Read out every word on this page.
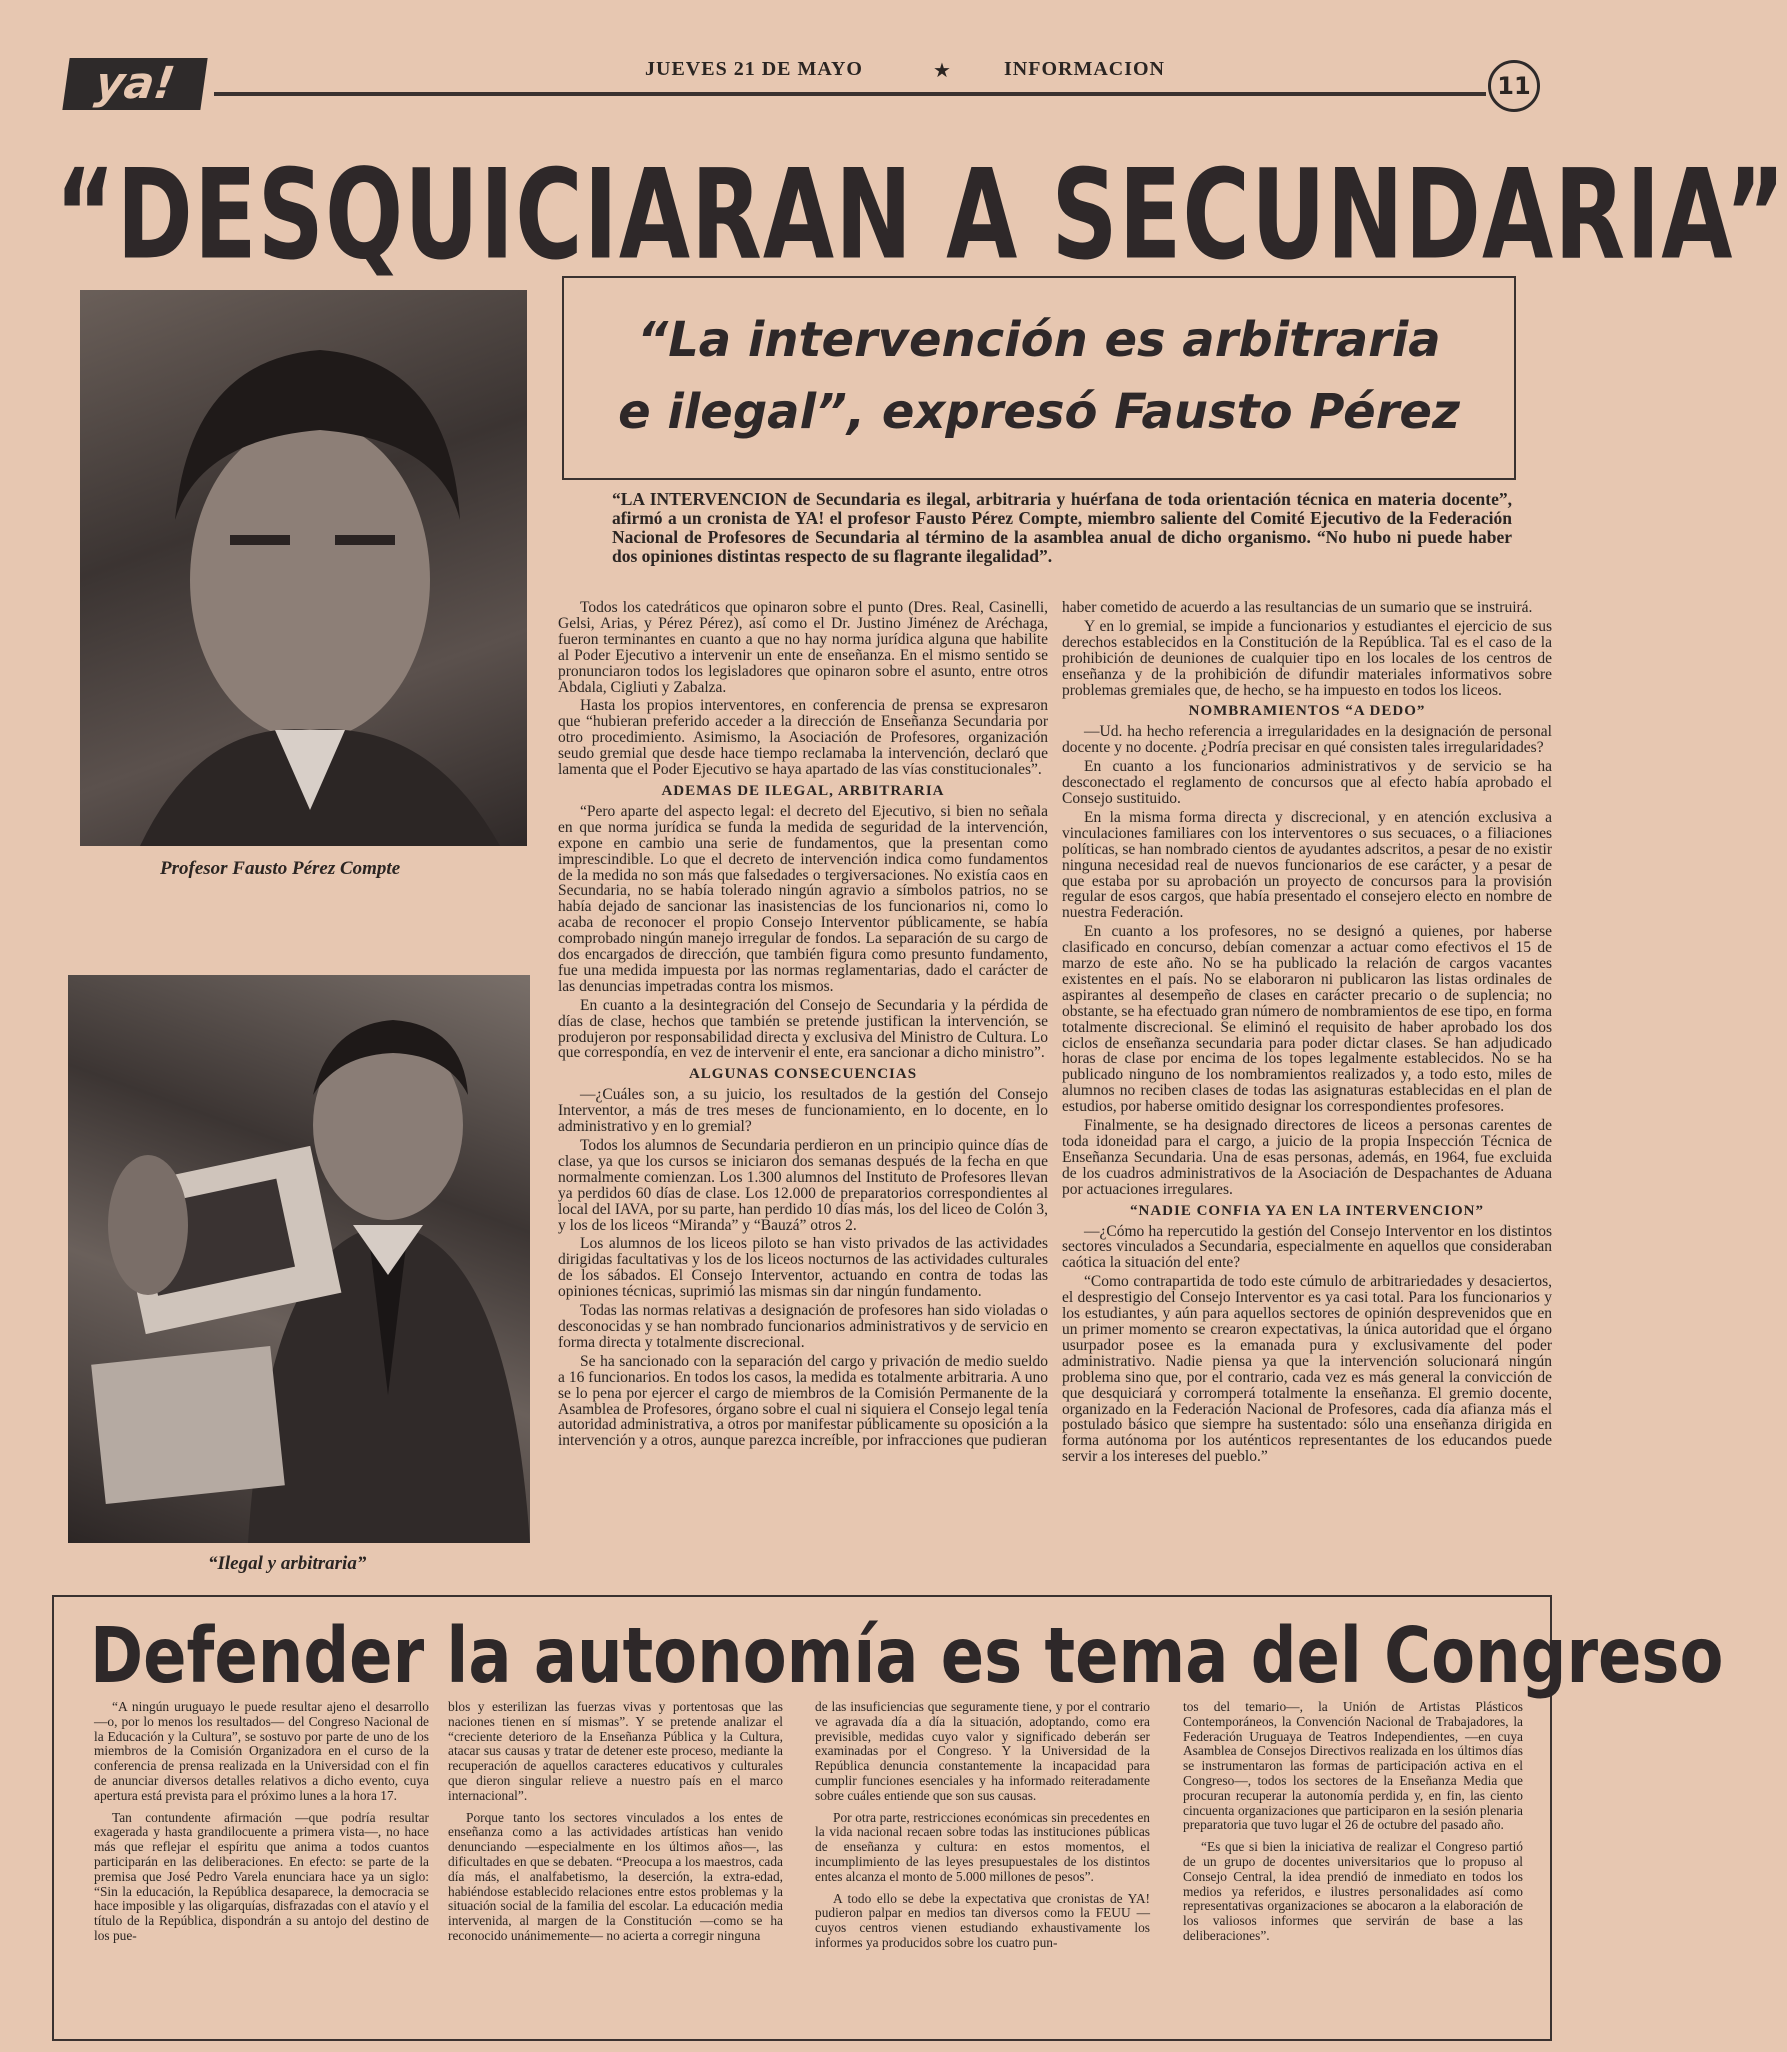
ya!	JUEVES 21 DE MAYO	★	INFORMACION
11
“DESQUICIARAN A SECUNDARIA”
Profesor Fausto Pérez Compte
“Ilegal y arbitraria”
“La intervención es arbitraria
e ilegal”, expresó Fausto Pérez
“LA INTERVENCION de Secundaria es ilegal, arbitraria y huérfana de toda orientación técnica en materia docente”, afirmó a un cronista de YA! el profesor Fausto Pérez Compte, miembro saliente del Comité Ejecutivo de la Federación Nacional de Profesores de Secundaria al término de la asamblea anual de dicho organismo. “No hubo ni puede haber dos opiniones distintas respecto de su flagrante ilegalidad”.

Todos los catedráticos que opinaron sobre el punto (Dres. Real, Casinelli, Gelsi, Arias, y Pérez Pérez), así como el Dr. Justino Jiménez de Aréchaga, fueron terminantes en cuanto a que no hay norma jurídica alguna que habilite al Poder Ejecutivo a intervenir un ente de enseñanza. En el mismo sentido se pronunciaron todos los legisladores que opinaron sobre el asunto, entre otros Abdala, Cigliuti y Zabalza.

Hasta los propios interventores, en conferencia de prensa se expresaron que “hubieran preferido acceder a la dirección de Enseñanza Secundaria por otro procedimiento. Asimismo, la Asociación de Profesores, organización seudo gremial que desde hace tiempo reclamaba la intervención, declaró que lamenta que el Poder Ejecutivo se haya apartado de las vías constitucionales”.

ADEMAS DE ILEGAL, ARBITRARIA

“Pero aparte del aspecto legal: el decreto del Ejecutivo, si bien no señala en que norma jurídica se funda la medida de seguridad de la intervención, expone en cambio una serie de fundamentos, que la presentan como imprescindible. Lo que el decreto de intervención indica como fundamentos de la medida no son más que falsedades o tergiversaciones. No existía caos en Secundaria, no se había tolerado ningún agravio a símbolos patrios, no se había dejado de sancionar las inasistencias de los funcionarios ni, como lo acaba de reconocer el propio Consejo Interventor públicamente, se había comprobado ningún manejo irregular de fondos. La separación de su cargo de dos encargados de dirección, que también figura como presunto fundamento, fue una medida impuesta por las normas reglamentarias, dado el carácter de las denuncias impetradas contra los mismos.

En cuanto a la desintegración del Consejo de Secundaria y la pérdida de días de clase, hechos que también se pretende justifican la intervención, se produjeron por responsabilidad directa y exclusiva del Ministro de Cultura. Lo que correspondía, en vez de intervenir el ente, era sancionar a dicho ministro”.

ALGUNAS CONSECUENCIAS

—¿Cuáles son, a su juicio, los resultados de la gestión del Consejo Interventor, a más de tres meses de funcionamiento, en lo docente, en lo administrativo y en lo gremial?

Todos los alumnos de Secundaria perdieron en un principio quince días de clase, ya que los cursos se iniciaron dos semanas después de la fecha en que normalmente comienzan. Los 1.300 alumnos del Instituto de Profesores llevan ya perdidos 60 días de clase. Los 12.000 de preparatorios correspondientes al local del IAVA, por su parte, han perdido 10 días más, los del liceo de Colón 3, y los de los liceos “Miranda” y “Bauzá” otros 2.

Los alumnos de los liceos piloto se han visto privados de las actividades dirigidas facultativas y los de los liceos nocturnos de las actividades culturales de los sábados. El Consejo Interventor, actuando en contra de todas las opiniones técnicas, suprimió las mismas sin dar ningún fundamento.

Todas las normas relativas a designación de profesores han sido violadas o desconocidas y se han nombrado funcionarios administrativos y de servicio en forma directa y totalmente discrecional.

Se ha sancionado con la separación del cargo y privación de medio sueldo a 16 funcionarios. En todos los casos, la medida es totalmente arbitraria. A uno se lo pena por ejercer el cargo de miembros de la Comisión Permanente de la Asamblea de Profesores, órgano sobre el cual ni siquiera el Consejo legal tenía autoridad administrativa, a otros por manifestar públicamente su oposición a la intervención y a otros, aunque parezca increíble, por infracciones que pudieran

haber cometido de acuerdo a las resultancias de un sumario que se instruirá.

Y en lo gremial, se impide a funcionarios y estudiantes el ejercicio de sus derechos establecidos en la Constitución de la República. Tal es el caso de la prohibición de deuniones de cualquier tipo en los locales de los centros de enseñanza y de la prohibición de difundir materiales informativos sobre problemas gremiales que, de hecho, se ha impuesto en todos los liceos.

NOMBRAMIENTOS “A DEDO”

—Ud. ha hecho referencia a irregularidades en la designación de personal docente y no docente. ¿Podría precisar en qué consisten tales irregularidades?

En cuanto a los funcionarios administrativos y de servicio se ha desconectado el reglamento de concursos que al efecto había aprobado el Consejo sustituido.

En la misma forma directa y discrecional, y en atención exclusiva a vinculaciones familiares con los interventores o sus secuaces, o a filiaciones políticas, se han nombrado cientos de ayudantes adscritos, a pesar de no existir ninguna necesidad real de nuevos funcionarios de ese carácter, y a pesar de que estaba por su aprobación un proyecto de concursos para la provisión regular de esos cargos, que había presentado el consejero electo en nombre de nuestra Federación.

En cuanto a los profesores, no se designó a quienes, por haberse clasificado en concurso, debían comenzar a actuar como efectivos el 15 de marzo de este año. No se ha publicado la relación de cargos vacantes existentes en el país. No se elaboraron ni publicaron las listas ordinales de aspirantes al desempeño de clases en carácter precario o de suplencia; no obstante, se ha efectuado gran número de nombramientos de ese tipo, en forma totalmente discrecional. Se eliminó el requisito de haber aprobado los dos ciclos de enseñanza secundaria para poder dictar clases. Se han adjudicado horas de clase por encima de los topes legalmente establecidos. No se ha publicado ninguno de los nombramientos realizados y, a todo esto, miles de alumnos no reciben clases de todas las asignaturas establecidas en el plan de estudios, por haberse omitido designar los correspondientes profesores.

Finalmente, se ha designado directores de liceos a personas carentes de toda idoneidad para el cargo, a juicio de la propia Inspección Técnica de Enseñanza Secundaria. Una de esas personas, además, en 1964, fue excluida de los cuadros administrativos de la Asociación de Despachantes de Aduana por actuaciones irregulares.

“NADIE CONFIA YA EN LA INTERVENCION”

—¿Cómo ha repercutido la gestión del Consejo Interventor en los distintos sectores vinculados a Secundaria, especialmente en aquellos que consideraban caótica la situación del ente?

“Como contrapartida de todo este cúmulo de arbitrariedades y desaciertos, el desprestigio del Consejo Interventor es ya casi total. Para los funcionarios y los estudiantes, y aún para aquellos sectores de opinión desprevenidos que en un primer momento se crearon expectativas, la única autoridad que el órgano usurpador posee es la emanada pura y exclusivamente del poder administrativo. Nadie piensa ya que la intervención solucionará ningún problema sino que, por el contrario, cada vez es más general la convicción de que desquiciará y corromperá totalmente la enseñanza. El gremio docente, organizado en la Federación Nacional de Profesores, cada día afianza más el postulado básico que siempre ha sustentado: sólo una enseñanza dirigida en forma autónoma por los auténticos representantes de los educandos puede servir a los intereses del pueblo.”

Defender la autonomía es tema del Congreso

“A ningún uruguayo le puede resultar ajeno el desarrollo —o, por lo menos los resultados— del Congreso Nacional de la Educación y la Cultura”, se sostuvo por parte de uno de los miembros de la Comisión Organizadora en el curso de la conferencia de prensa realizada en la Universidad con el fin de anunciar diversos detalles relativos a dicho evento, cuya apertura está prevista para el próximo lunes a la hora 17.

Tan contundente afirmación —que podría resultar exagerada y hasta grandilocuente a primera vista—, no hace más que reflejar el espíritu que anima a todos cuantos participarán en las deliberaciones. En efecto: se parte de la premisa que José Pedro Varela enunciara hace ya un siglo: “Sin la educación, la República desaparece, la democracia se hace imposible y las oligarquías, disfrazadas con el atavío y el título de la República, dispondrán a su antojo del destino de los pue-

blos y esterilizan las fuerzas vivas y portentosas que las naciones tienen en sí mismas”. Y se pretende analizar el “creciente deterioro de la Enseñanza Pública y la Cultura, atacar sus causas y tratar de detener este proceso, mediante la recuperación de aquellos caracteres educativos y culturales que dieron singular relieve a nuestro país en el marco internacional”.

Porque tanto los sectores vinculados a los entes de enseñanza como a las actividades artísticas han venido denunciando —especialmente en los últimos años—, las dificultades en que se debaten. “Preocupa a los maestros, cada día más, el analfabetismo, la deserción, la extra-edad, habiéndose establecido relaciones entre estos problemas y la situación social de la familia del escolar. La educación media intervenida, al margen de la Constitución —como se ha reconocido unánimemente— no acierta a corregir ninguna

de las insuficiencias que seguramente tiene, y por el contrario ve agravada día a día la situación, adoptando, como era previsible, medidas cuyo valor y significado deberán ser examinadas por el Congreso. Y la Universidad de la República denuncia constantemente la incapacidad para cumplir funciones esenciales y ha informado reiteradamente sobre cuáles entiende que son sus causas.

Por otra parte, restricciones económicas sin precedentes en la vida nacional recaen sobre todas las instituciones públicas de enseñanza y cultura: en estos momentos, el incumplimiento de las leyes presupuestales de los distintos entes alcanza el monto de 5.000 millones de pesos”.

A todo ello se debe la expectativa que cronistas de YA! pudieron palpar en medios tan diversos como la FEUU —cuyos centros vienen estudiando exhaustivamente los informes ya producidos sobre los cuatro pun-

tos del temario—, la Unión de Artistas Plásticos Contemporáneos, la Convención Nacional de Trabajadores, la Federación Uruguaya de Teatros Independientes, —en cuya Asamblea de Consejos Directivos realizada en los últimos días se instrumentaron las formas de participación activa en el Congreso—, todos los sectores de la Enseñanza Media que procuran recuperar la autonomía perdida y, en fin, las ciento cincuenta organizaciones que participaron en la sesión plenaria preparatoria que tuvo lugar el 26 de octubre del pasado año.

“Es que si bien la iniciativa de realizar el Congreso partió de un grupo de docentes universitarios que lo propuso al Consejo Central, la idea prendió de inmediato en todos los medios ya referidos, e ilustres personalidades así como representativas organizaciones se abocaron a la elaboración de los valiosos informes que servirán de base a las deliberaciones”.
